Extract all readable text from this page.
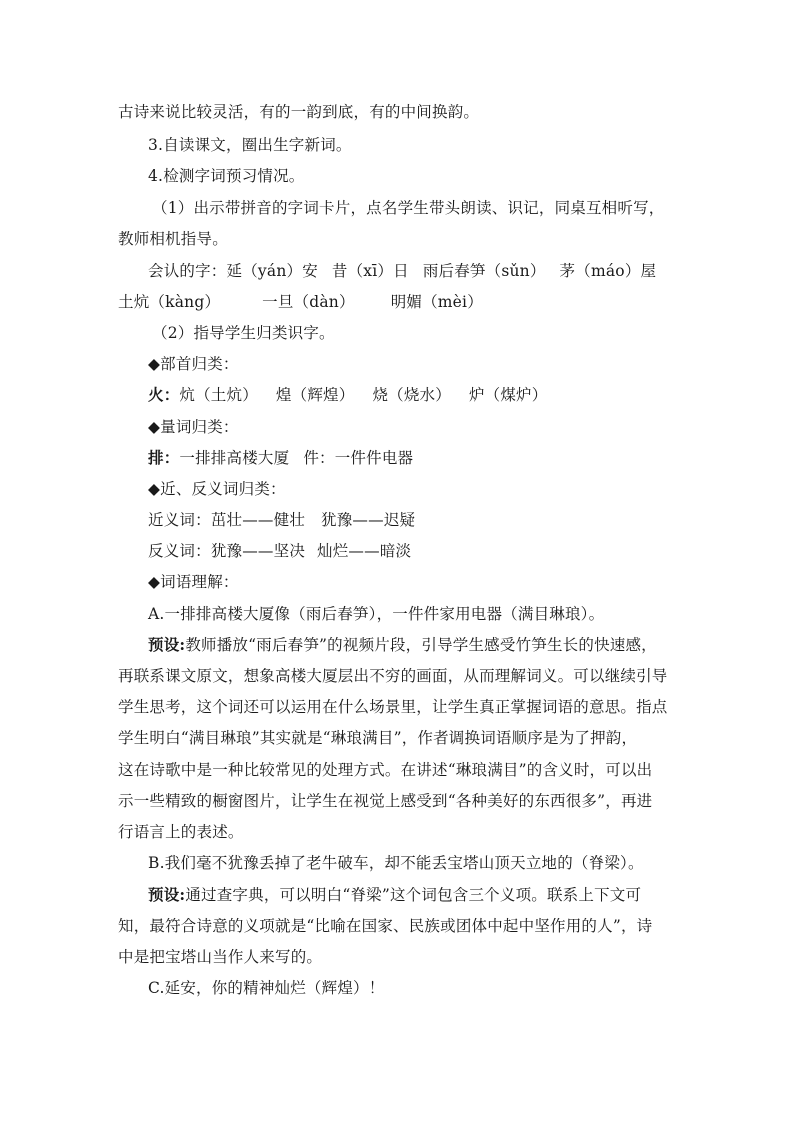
古诗来说比较灵活，有的一韵到底，有的中间换韵。
3.自读课文，圈出生字新词。
4.检测字词预习情况。
（1）出示带拼音的字词卡片，点名学生带头朗读、识记，同桌互相听写，
教师相机指导。
会认的字：延（yán）安 昔（xī）日 雨后春笋（sǔn） 茅（máo）屋
土炕（kàng）	一旦（dàn） 明媚（mèi）
（2）指导学生归类识字。
◆部首归类：
火：炕（土炕） 煌（辉煌） 烧（烧水） 炉（煤炉）
◆量词归类：
排：一排排高楼大厦 件：一件件电器
◆近、反义词归类：
近义词：茁壮——健壮 犹豫——迟疑
反义词：犹豫——坚决 灿烂——暗淡
◆词语理解：
A.一排排高楼大厦像（雨后春笋），一件件家用电器（满目琳琅）。
预设:教师播放“雨后春笋”的视频片段，引导学生感受竹笋生长的快速感，
再联系课文原文，想象高楼大厦层出不穷的画面，从而理解词义。可以继续引导
学生思考，这个词还可以运用在什么场景里，让学生真正掌握词语的意思。指点
学生明白“满目琳琅”其实就是“琳琅满目”，作者调换词语顺序是为了押韵，
这在诗歌中是一种比较常见的处理方式。在讲述“琳琅满目”的含义时，可以出
示一些精致的橱窗图片，让学生在视觉上感受到“各种美好的东西很多”，再进
行语言上的表述。
B.我们毫不犹豫丢掉了老牛破车，却不能丢宝塔山顶天立地的（脊梁）。
预设:通过查字典，可以明白“脊梁”这个词包含三个义项。联系上下文可
知，最符合诗意的义项就是“比喻在国家、民族或团体中起中坚作用的人”，诗
中是把宝塔山当作人来写的。
C.延安，你的精神灿烂（辉煌）！
